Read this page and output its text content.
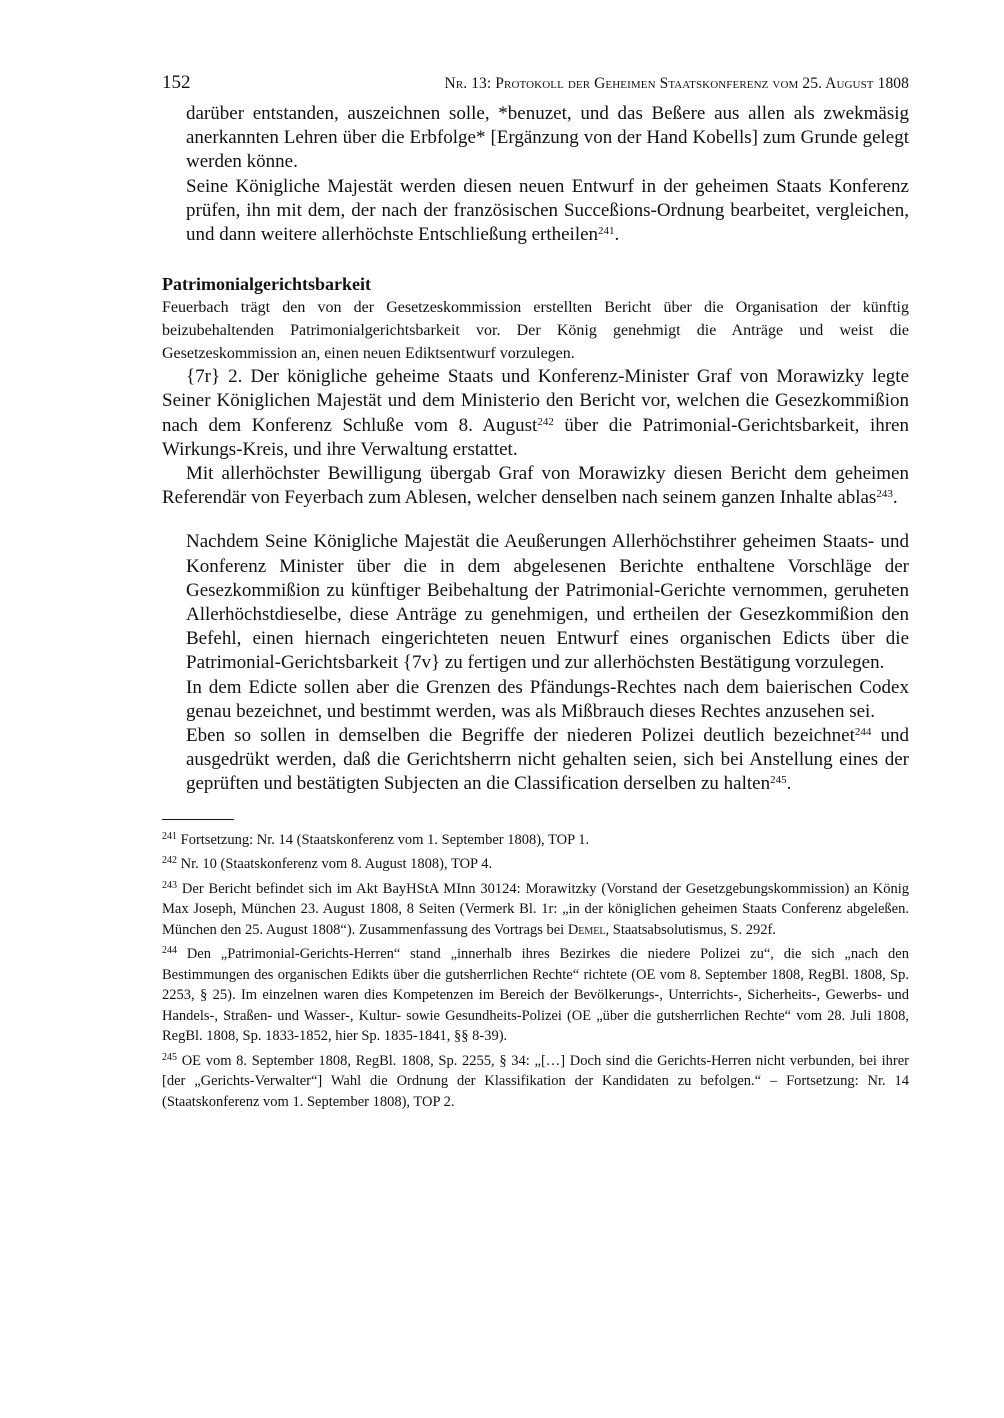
152	Nr. 13: Protokoll der Geheimen Staatskonferenz vom 25. August 1808

darüber entstanden, auszeichnen solle, *benuzet, und das Beßere aus allen als zwekmäsig anerkannten Lehren über die Erbfolge* [Ergänzung von der Hand Kobells] zum Grunde gelegt werden könne.

Seine Königliche Majestät werden diesen neuen Entwurf in der geheimen Staats Konferenz prüfen, ihn mit dem, der nach der französischen Succeßions-Ordnung bearbeitet, vergleichen, und dann weitere allerhöchste Entschließung ertheilen$^{241}$.

Patrimonialgerichtsbarkeit

Feuerbach trägt den von der Gesetzeskommission erstellten Bericht über die Organisation der künftig beizubehaltenden Patrimonialgerichtsbarkeit vor. Der König genehmigt die Anträge und weist die Gesetzeskommission an, einen neuen Ediktsentwurf vorzulegen.

{7r} 2. Der königliche geheime Staats und Konferenz-Minister Graf von Morawizky legte Seiner Königlichen Majestät und dem Ministerio den Bericht vor, welchen die Gesezkommißion nach dem Konferenz Schluße vom 8. August$^{242}$ über die Patrimonial-Gerichtsbarkeit, ihren Wirkungs-Kreis, und ihre Verwaltung erstattet.

Mit allerhöchster Bewilligung übergab Graf von Morawizky diesen Bericht dem geheimen Referendär von Feyerbach zum Ablesen, welcher denselben nach seinem ganzen Inhalte ablas$^{243}$.

Nachdem Seine Königliche Majestät die Aeußerungen Allerhöchstihrer geheimen Staats- und Konferenz Minister über die in dem abgelesenen Berichte enthaltene Vorschläge der Gesezkommißion zu künftiger Beibehaltung der Patrimonial-Gerichte vernommen, geruheten Allerhöchstdieselbe, diese Anträge zu genehmigen, und ertheilen der Gesezkommißion den Befehl, einen hiernach eingerichteten neuen Entwurf eines organischen Edicts über die Patrimonial-Gerichtsbarkeit {7v} zu fertigen und zur allerhöchsten Bestätigung vorzulegen.

In dem Edicte sollen aber die Grenzen des Pfändungs-Rechtes nach dem baierischen Codex genau bezeichnet, und bestimmt werden, was als Mißbrauch dieses Rechtes anzusehen sei.

Eben so sollen in demselben die Begriffe der niederen Polizei deutlich bezeichnet$^{244}$ und ausgedrükt werden, daß die Gerichtsherrn nicht gehalten seien, sich bei Anstellung eines der geprüften und bestätigten Subjecten an die Classification derselben zu halten$^{245}$.

$^{241}$ Fortsetzung: Nr. 14 (Staatskonferenz vom 1. September 1808), TOP 1.

$^{242}$ Nr. 10 (Staatskonferenz vom 8. August 1808), TOP 4.

$^{243}$ Der Bericht befindet sich im Akt BayHStA MInn 30124: Morawitzky (Vorstand der Gesetzgebungskommission) an König Max Joseph, München 23. August 1808, 8 Seiten (Vermerk Bl. 1r: „in der königlichen geheimen Staats Conferenz abgeleßen. München den 25. August 1808“). Zusammenfassung des Vortrags bei Demel, Staatsabsolutismus, S. 292f.

$^{244}$ Den „Patrimonial-Gerichts-Herren“ stand „innerhalb ihres Bezirkes die niedere Polizei zu“, die sich „nach den Bestimmungen des organischen Edikts über die gutsherrlichen Rechte“ richtete (OE vom 8. September 1808, RegBl. 1808, Sp. 2253, § 25). Im einzelnen waren dies Kompetenzen im Bereich der Bevölkerungs-, Unterrichts-, Sicherheits-, Gewerbs- und Handels-, Straßen- und Wasser-, Kultur- sowie Gesundheits-Polizei (OE „über die gutsherrlichen Rechte“ vom 28. Juli 1808, RegBl. 1808, Sp. 1833-1852, hier Sp. 1835-1841, §§ 8-39).

$^{245}$ OE vom 8. September 1808, RegBl. 1808, Sp. 2255, § 34: „[…] Doch sind die Gerichts-Herren nicht verbunden, bei ihrer [der „Gerichts-Verwalter“] Wahl die Ordnung der Klassifikation der Kandidaten zu befolgen.“ – Fortsetzung: Nr. 14 (Staatskonferenz vom 1. September 1808), TOP 2.
